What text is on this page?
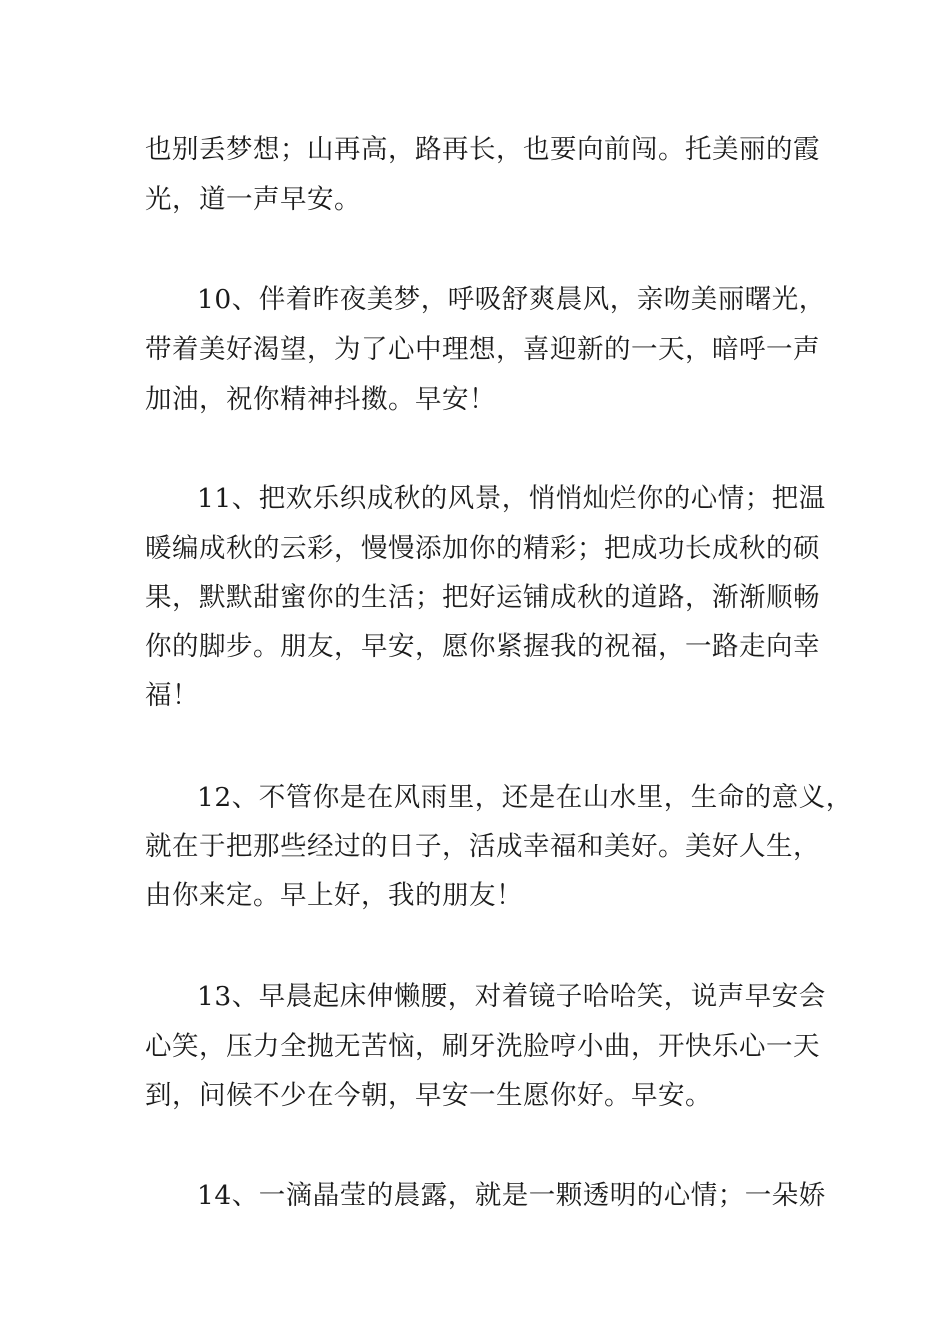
也别丢梦想；山再高，路再长，也要向前闯。托美丽的霞
光，道一声早安。
10、伴着昨夜美梦，呼吸舒爽晨风，亲吻美丽曙光，
带着美好渴望，为了心中理想，喜迎新的一天，暗呼一声
加油，祝你精神抖擞。早安！
11、把欢乐织成秋的风景，悄悄灿烂你的心情；把温
暖编成秋的云彩，慢慢添加你的精彩；把成功长成秋的硕
果，默默甜蜜你的生活；把好运铺成秋的道路，渐渐顺畅
你的脚步。朋友，早安，愿你紧握我的祝福，一路走向幸
福！
12、不管你是在风雨里，还是在山水里，生命的意义，
就在于把那些经过的日子，活成幸福和美好。美好人生，
由你来定。早上好，我的朋友！
13、早晨起床伸懒腰，对着镜子哈哈笑，说声早安会
心笑，压力全抛无苦恼，刷牙洗脸哼小曲，开快乐心一天
到，问候不少在今朝，早安一生愿你好。早安。
14、一滴晶莹的晨露，就是一颗透明的心情；一朵娇
